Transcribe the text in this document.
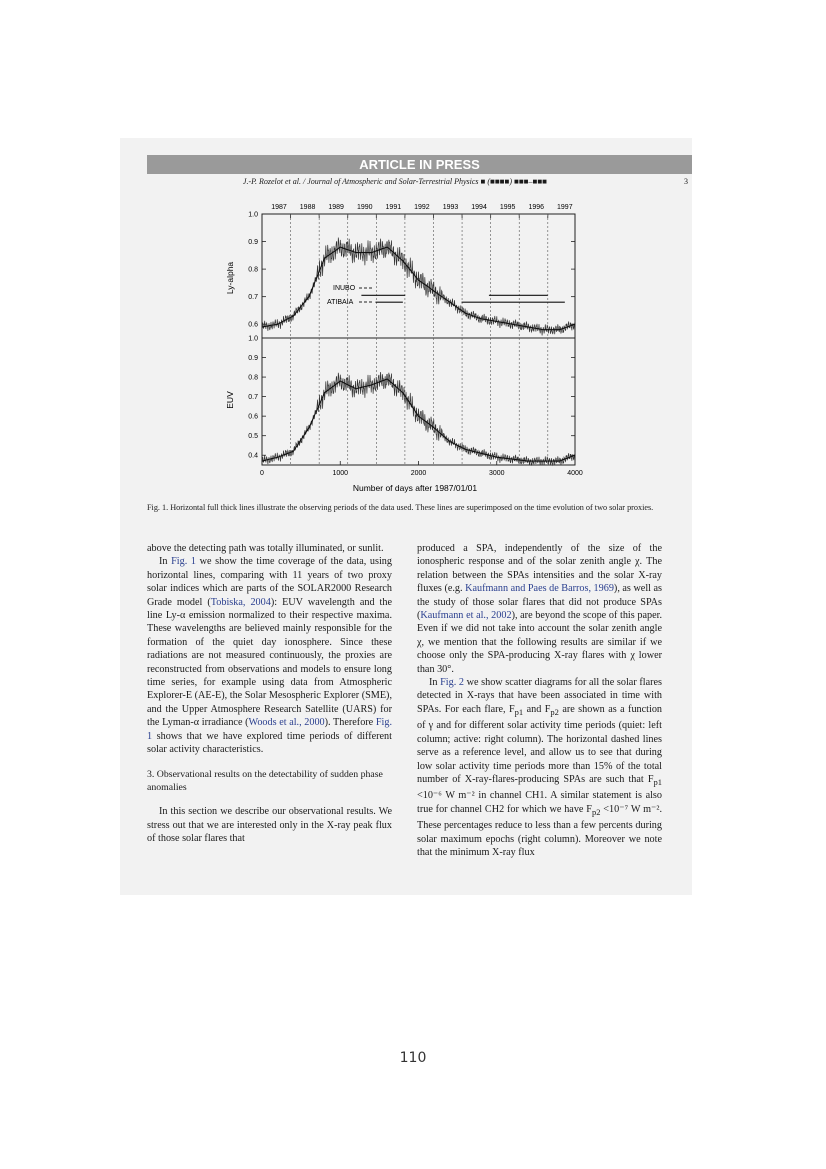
ARTICLE IN PRESS
J.-P. Rozelot et al. / Journal of Atmospheric and Solar-Terrestrial Physics ■ (■■■■) ■■■–■■■	3
1987 1988 1989 1990 1991 1992 1993 1994 1995 1996 1997
0.6
0.7
0.8
0.9
1.0
0.4
0.5
0.6
0.7
0.8
0.9
1.0
0	1000	2000	3000	4000
Ly-alpha
EUV
INUBO
ATIBAIA
Number of days after 1987/01/01
Fig. 1. Horizontal full thick lines illustrate the observing periods of the data used. These lines are superimposed on the time evolution of two solar proxies.

above the detecting path was totally illuminated, or sunlit.

In Fig. 1 we show the time coverage of the data, using horizontal lines, comparing with 11 years of two proxy solar indices which are parts of the SOLAR2000 Research Grade model (Tobiska, 2004): EUV wavelength and the line Ly-α emission normalized to their respective maxima. These wavelengths are believed mainly responsible for the formation of the quiet day ionosphere. Since these radiations are not measured continuously, the proxies are reconstructed from observations and models to ensure long time series, for example using data from Atmospheric Explorer-E (AE-E), the Solar Mesospheric Explorer (SME), and the Upper Atmosphere Research Satellite (UARS) for the Lyman-α irradiance (Woods et al., 2000). Therefore Fig. 1 shows that we have explored time periods of different solar activity characteristics.

3. Observational results on the detectability of sudden phase anomalies

In this section we describe our observational results. We stress out that we are interested only in the X-ray peak flux of those solar flares that

produced a SPA, independently of the size of the ionospheric response and of the solar zenith angle χ. The relation between the SPAs intensities and the solar X-ray fluxes (e.g. Kaufmann and Paes de Barros, 1969), as well as the study of those solar flares that did not produce SPAs (Kaufmann et al., 2002), are beyond the scope of this paper. Even if we did not take into account the solar zenith angle χ, we mention that the following results are similar if we choose only the SPA-producing X-ray flares with χ lower than 30°.

In Fig. 2 we show scatter diagrams for all the solar flares detected in X-rays that have been associated in time with SPAs. For each flare, $F_{p1}$ and $F_{p2}$ are shown as a function of γ and for different solar activity time periods (quiet: left column; active: right column). The horizontal dashed lines serve as a reference level, and allow us to see that during low solar activity time periods more than 15% of the total number of X-ray-flares-producing SPAs are such that $F_{p1} <10^{-6}$ W m⁻² in channel CH1. A similar statement is also true for channel CH2 for which we have $F_{p2} <10^{-7}$ W m⁻². These percentages reduce to less than a few percents during solar maximum epochs (right column). Moreover we note that the minimum X-ray flux

110
